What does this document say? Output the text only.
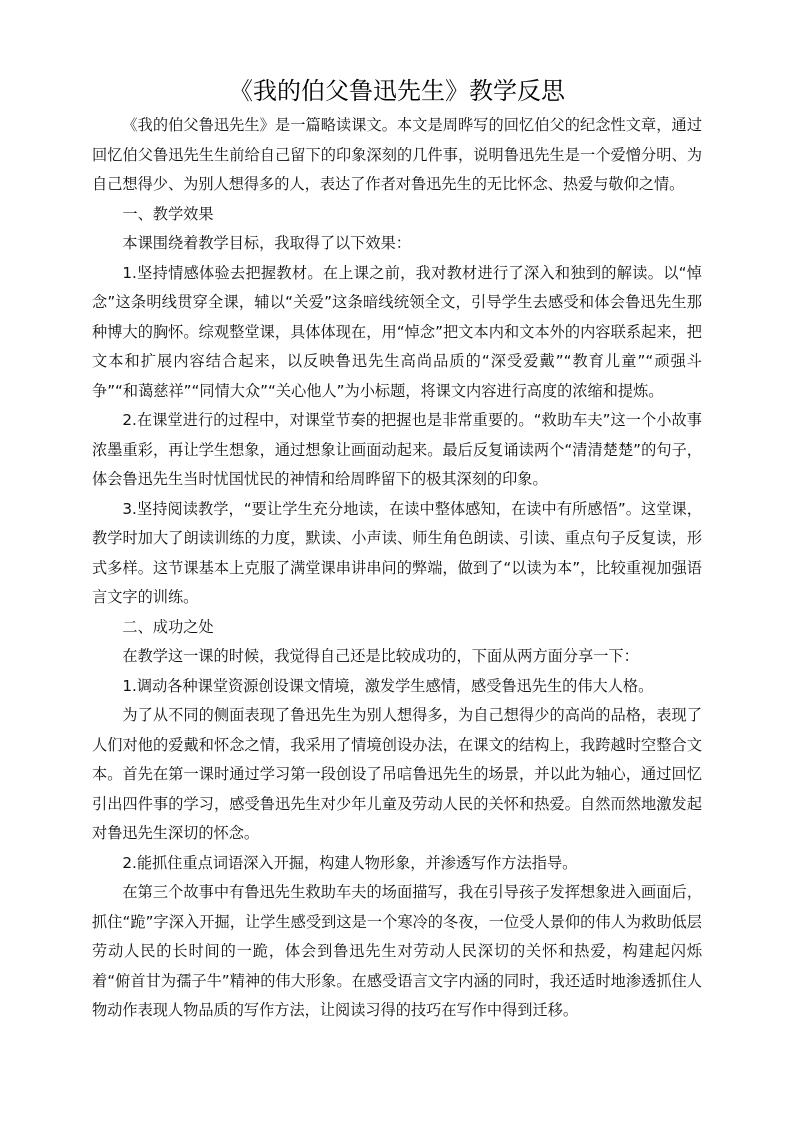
《我的伯父鲁迅先生》教学反思

《我的伯父鲁迅先生》是一篇略读课文。本文是周晔写的回忆伯父的纪念性文章，通过回忆伯父鲁迅先生生前给自己留下的印象深刻的几件事，说明鲁迅先生是一个爱憎分明、为自己想得少、为别人想得多的人，表达了作者对鲁迅先生的无比怀念、热爱与敬仰之情。

一、教学效果

本课围绕着教学目标，我取得了以下效果：

1.坚持情感体验去把握教材。在上课之前，我对教材进行了深入和独到的解读。以“悼念”这条明线贯穿全课，辅以“关爱”这条暗线统领全文，引导学生去感受和体会鲁迅先生那种博大的胸怀。综观整堂课，具体体现在，用“悼念”把文本内和文本外的内容联系起来，把文本和扩展内容结合起来，以反映鲁迅先生高尚品质的“深受爱戴”“教育儿童”“顽强斗争”“和蔼慈祥”“同情大众”“关心他人”为小标题，将课文内容进行高度的浓缩和提炼。

2.在课堂进行的过程中，对课堂节奏的把握也是非常重要的。“救助车夫”这一个小故事浓墨重彩，再让学生想象，通过想象让画面动起来。最后反复诵读两个“清清楚楚”的句子，体会鲁迅先生当时忧国忧民的神情和给周晔留下的极其深刻的印象。

3.坚持阅读教学，“要让学生充分地读，在读中整体感知，在读中有所感悟”。这堂课，教学时加大了朗读训练的力度，默读、小声读、师生角色朗读、引读、重点句子反复读，形式多样。这节课基本上克服了满堂课串讲串问的弊端，做到了“以读为本”，比较重视加强语言文字的训练。

二、成功之处

在教学这一课的时候，我觉得自己还是比较成功的，下面从两方面分享一下：

1.调动各种课堂资源创设课文情境，激发学生感情，感受鲁迅先生的伟大人格。

为了从不同的侧面表现了鲁迅先生为别人想得多，为自己想得少的高尚的品格，表现了人们对他的爱戴和怀念之情，我采用了情境创设办法，在课文的结构上，我跨越时空整合文本。首先在第一课时通过学习第一段创设了吊唁鲁迅先生的场景，并以此为轴心，通过回忆引出四件事的学习，感受鲁迅先生对少年儿童及劳动人民的关怀和热爱。自然而然地激发起对鲁迅先生深切的怀念。

2.能抓住重点词语深入开掘，构建人物形象，并渗透写作方法指导。

在第三个故事中有鲁迅先生救助车夫的场面描写，我在引导孩子发挥想象进入画面后，抓住“跪”字深入开掘，让学生感受到这是一个寒冷的冬夜，一位受人景仰的伟人为救助低层劳动人民的长时间的一跪，体会到鲁迅先生对劳动人民深切的关怀和热爱，构建起闪烁着“俯首甘为孺子牛”精神的伟大形象。在感受语言文字内涵的同时，我还适时地渗透抓住人物动作表现人物品质的写作方法，让阅读习得的技巧在写作中得到迁移。
